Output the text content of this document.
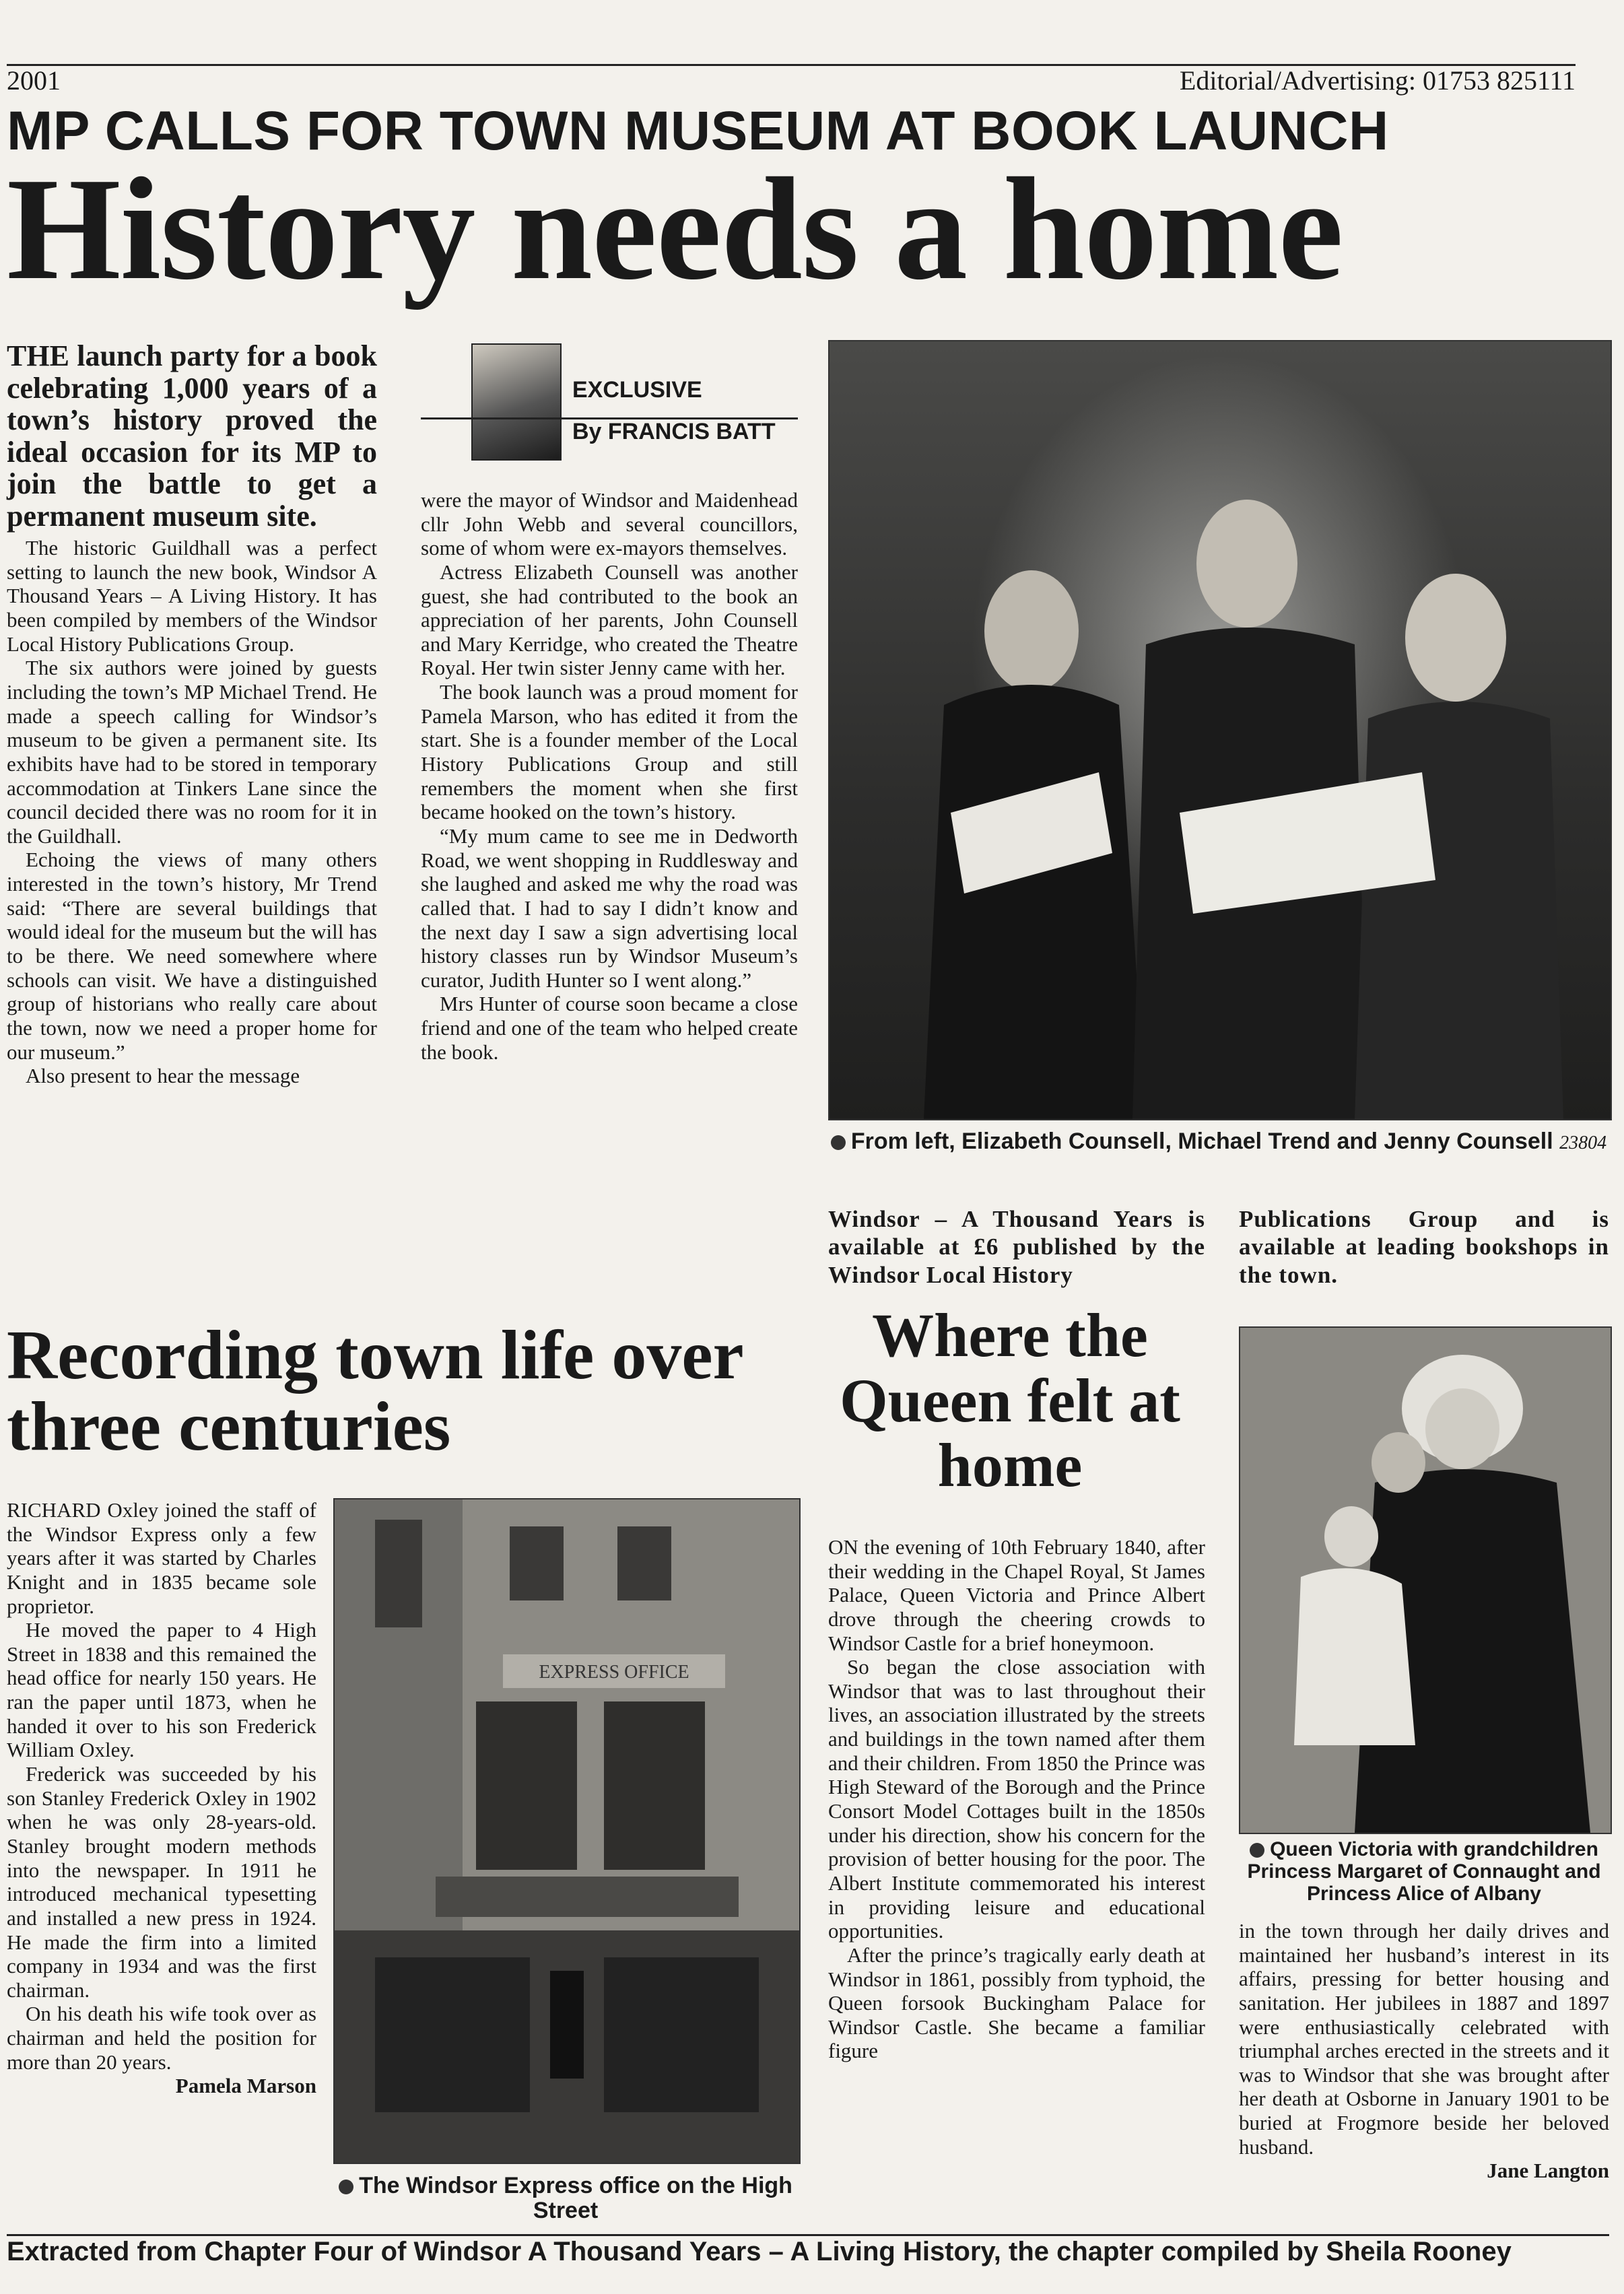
2001	Editorial/Advertising: 01753 825111
MP CALLS FOR TOWN MUSEUM AT BOOK LAUNCH
History needs a home
THE launch party for a book celebrating 1,000 years of a town’s history proved the ideal occasion for its MP to join the battle to get a permanent museum site.

The historic Guildhall was a perfect setting to launch the new book, Windsor A Thousand Years – A Living History. It has been compiled by members of the Windsor Local History Publications Group.

The six authors were joined by guests including the town’s MP Michael Trend. He made a speech calling for Windsor’s museum to be given a permanent site. Its exhibits have had to be stored in temporary accommodation at Tinkers Lane since the council decided there was no room for it in the Guildhall.

Echoing the views of many others interested in the town’s history, Mr Trend said: “There are several buildings that would ideal for the museum but the will has to be there. We need somewhere where schools can visit. We have a distinguished group of historians who really care about the town, now we need a proper home for our museum.”

Also present to hear the message

EXCLUSIVE
By FRANCIS BATT

were the mayor of Windsor and Maidenhead cllr John Webb and several councillors, some of whom were ex-mayors themselves.

Actress Elizabeth Counsell was another guest, she had contributed to the book an appreciation of her parents, John Counsell and Mary Kerridge, who created the Theatre Royal. Her twin sister Jenny came with her.

The book launch was a proud moment for Pamela Marson, who has edited it from the start. She is a founder member of the Local History Publications Group and still remembers the moment when she first became hooked on the town’s history.

“My mum came to see me in Dedworth Road, we went shopping in Ruddlesway and she laughed and asked me why the road was called that. I had to say I didn’t know and the next day I saw a sign advertising local history classes run by Windsor Museum’s curator, Judith Hunter so I went along.”

Mrs Hunter of course soon became a close friend and one of the team who helped create the book.

From left, Elizabeth Counsell, Michael Trend and Jenny Counsell 23804
Windsor – A Thousand Years is available at £6 published by the Windsor Local History
Publications Group and is available at leading bookshops in the town.
Recording town life over three centuries

RICHARD Oxley joined the staff of the Windsor Express only a few years after it was started by Charles Knight and in 1835 became sole proprietor.

He moved the paper to 4 High Street in 1838 and this remained the head office for nearly 150 years. He ran the paper until 1873, when he handed it over to his son Frederick William Oxley.

Frederick was succeeded by his son Stanley Frederick Oxley in 1902 when he was only 28-years-old. Stanley brought modern methods into the newspaper. In 1911 he introduced mechanical typesetting and installed a new press in 1924. He made the firm into a limited company in 1934 and was the first chairman.

On his death his wife took over as chairman and held the position for more than 20 years.

Pamela Marson
EXPRESS OFFICE
The Windsor Express office on the High Street
Where the Queen felt at home

ON the evening of 10th February 1840, after their wedding in the Chapel Royal, St James Palace, Queen Victoria and Prince Albert drove through the cheering crowds to Windsor Castle for a brief honeymoon.

So began the close association with Windsor that was to last throughout their lives, an association illustrated by the streets and buildings in the town named after them and their children. From 1850 the Prince was High Steward of the Borough and the Prince Consort Model Cottages built in the 1850s under his direction, show his concern for the provision of better housing for the poor. The Albert Institute commemorated his interest in providing leisure and educational opportunities.

After the prince’s tragically early death at Windsor in 1861, possibly from typhoid, the Queen forsook Buckingham Palace for Windsor Castle. She became a familiar figure

Queen Victoria with grandchildren Princess Margaret of Connaught and Princess Alice of Albany

in the town through her daily drives and maintained her husband’s interest in its affairs, pressing for better housing and sanitation. Her jubilees in 1887 and 1897 were enthusiastically celebrated with triumphal arches erected in the streets and it was to Windsor that she was brought after her death at Osborne in January 1901 to be buried at Frogmore beside her beloved husband.

Jane Langton
Extracted from Chapter Four of Windsor A Thousand Years – A Living History, the chapter compiled by Sheila Rooney
